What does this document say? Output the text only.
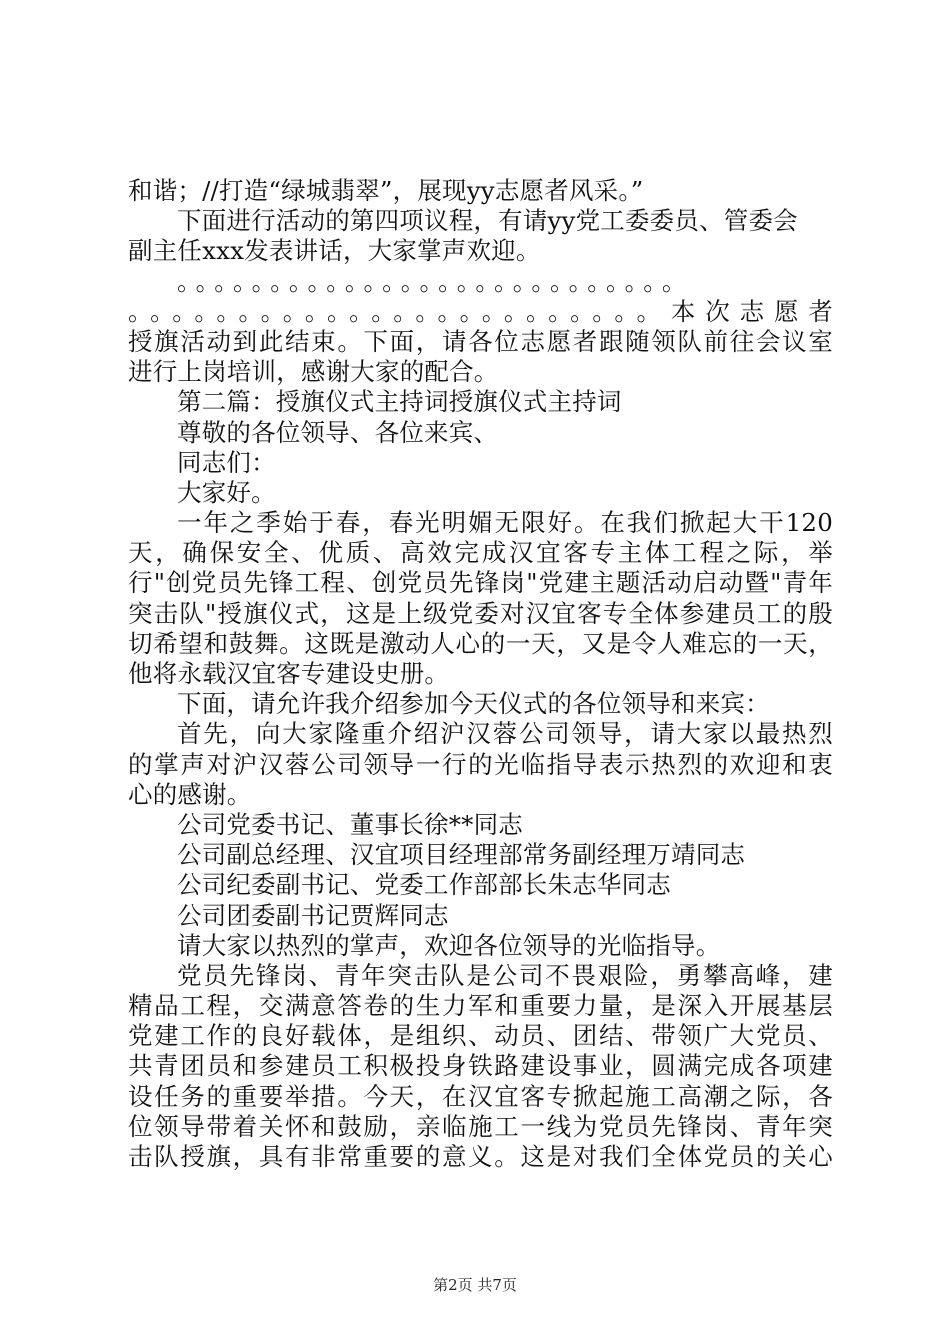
和谐；//打造“绿城翡翠”，展现yy志愿者风采。”
下面进行活动的第四项议程，有请yy党工委委员、管委会
副主任xxx发表讲话，大家掌声欢迎。
。。。。。。。。。。。。。。。。。。。。。。。。。。。
。。。。。。。。。。。。。。。。。。。。。。。。本次志愿者
授旗活动到此结束。下面，请各位志愿者跟随领队前往会议室
进行上岗培训，感谢大家的配合。
第二篇：授旗仪式主持词授旗仪式主持词
尊敬的各位领导、各位来宾、
同志们：
大家好。
一年之季始于春，春光明媚无限好。在我们掀起大干120
天，确保安全、优质、高效完成汉宜客专主体工程之际，举
行"创党员先锋工程、创党员先锋岗"党建主题活动启动暨"青年
突击队"授旗仪式，这是上级党委对汉宜客专全体参建员工的殷
切希望和鼓舞。这既是激动人心的一天，又是令人难忘的一天，
他将永载汉宜客专建设史册。
下面，请允许我介绍参加今天仪式的各位领导和来宾：
首先，向大家隆重介绍沪汉蓉公司领导，请大家以最热烈
的掌声对沪汉蓉公司领导一行的光临指导表示热烈的欢迎和衷
心的感谢。
公司党委书记、董事长徐**同志
公司副总经理、汉宜项目经理部常务副经理万靖同志
公司纪委副书记、党委工作部部长朱志华同志
公司团委副书记贾辉同志
请大家以热烈的掌声，欢迎各位领导的光临指导。
党员先锋岗、青年突击队是公司不畏艰险，勇攀高峰，建
精品工程，交满意答卷的生力军和重要力量，是深入开展基层
党建工作的良好载体，是组织、动员、团结、带领广大党员、
共青团员和参建员工积极投身铁路建设事业，圆满完成各项建
设任务的重要举措。今天，在汉宜客专掀起施工高潮之际，各
位领导带着关怀和鼓励，亲临施工一线为党员先锋岗、青年突
击队授旗，具有非常重要的意义。这是对我们全体党员的关心
第2页 共7页
